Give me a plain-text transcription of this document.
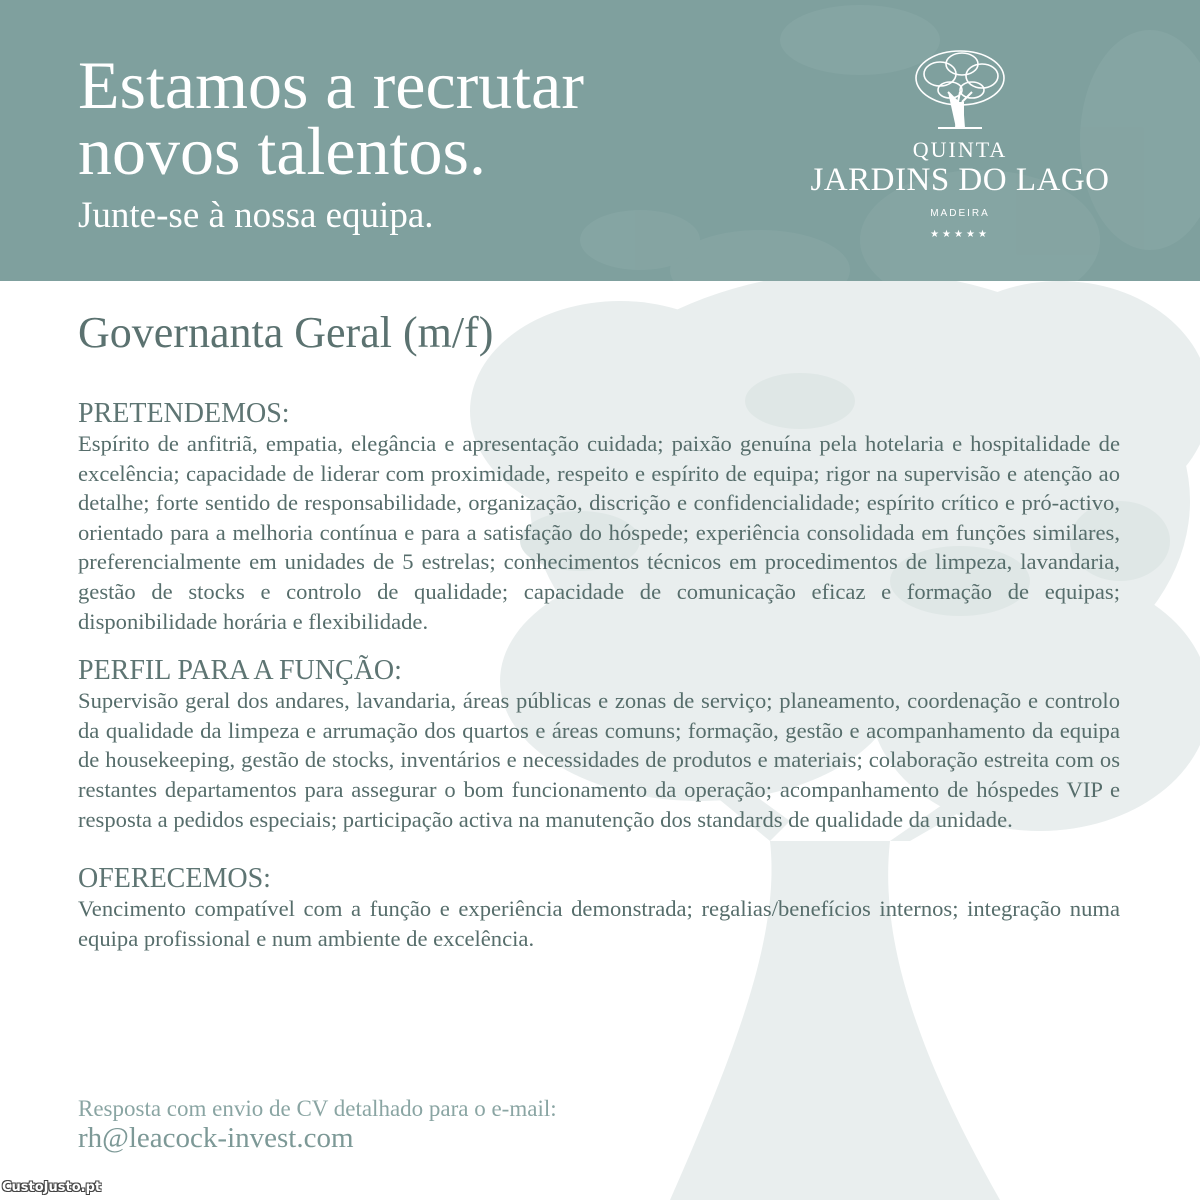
Estamos a recrutar
novos talentos.
Junte-se à nossa equipa.
QUINTA
JARDINS DO LAGO
MADEIRA
★★★★★
Governanta Geral (m/f)
PRETENDEMOS:

Espírito de anfitriã, empatia, elegância e apresentação cuidada; paixão genuína pela hotelaria e hospitalidade de excelência; capacidade de liderar com proximidade, respeito e espírito de equipa; rigor na supervisão e atenção ao detalhe; forte sentido de responsabilidade, organização, discrição e confidencialidade; espírito crítico e pró-activo, orientado para a melhoria contínua e para a satisfação do hóspede; experiência consolidada em funções similares, preferencialmente em unidades de 5 estrelas; conhecimentos técnicos em procedimentos de limpeza, lavandaria, gestão de stocks e controlo de qualidade; capacidade de comunicação eficaz e formação de equipas; disponibilidade horária e flexibilidade.

PERFIL PARA A FUNÇÃO:

Supervisão geral dos andares, lavandaria, áreas públicas e zonas de serviço; planeamento, coordenação e controlo da qualidade da limpeza e arrumação dos quartos e áreas comuns; formação, gestão e acompanhamento da equipa de housekeeping, gestão de stocks, inventários e necessidades de produtos e materiais; colaboração estreita com os restantes departamentos para assegurar o bom funcionamento da operação; acompanhamento de hóspedes VIP e resposta a pedidos especiais; participação activa na manutenção dos standards de qualidade da unidade.

OFERECEMOS:

Vencimento compatível com a função e experiência demonstrada; regalias/benefícios internos; integração numa equipa profissional e num ambiente de excelência.

Resposta com envio de CV detalhado para o e-mail:
rh@leacock-invest.com
CustoJusto.pt
